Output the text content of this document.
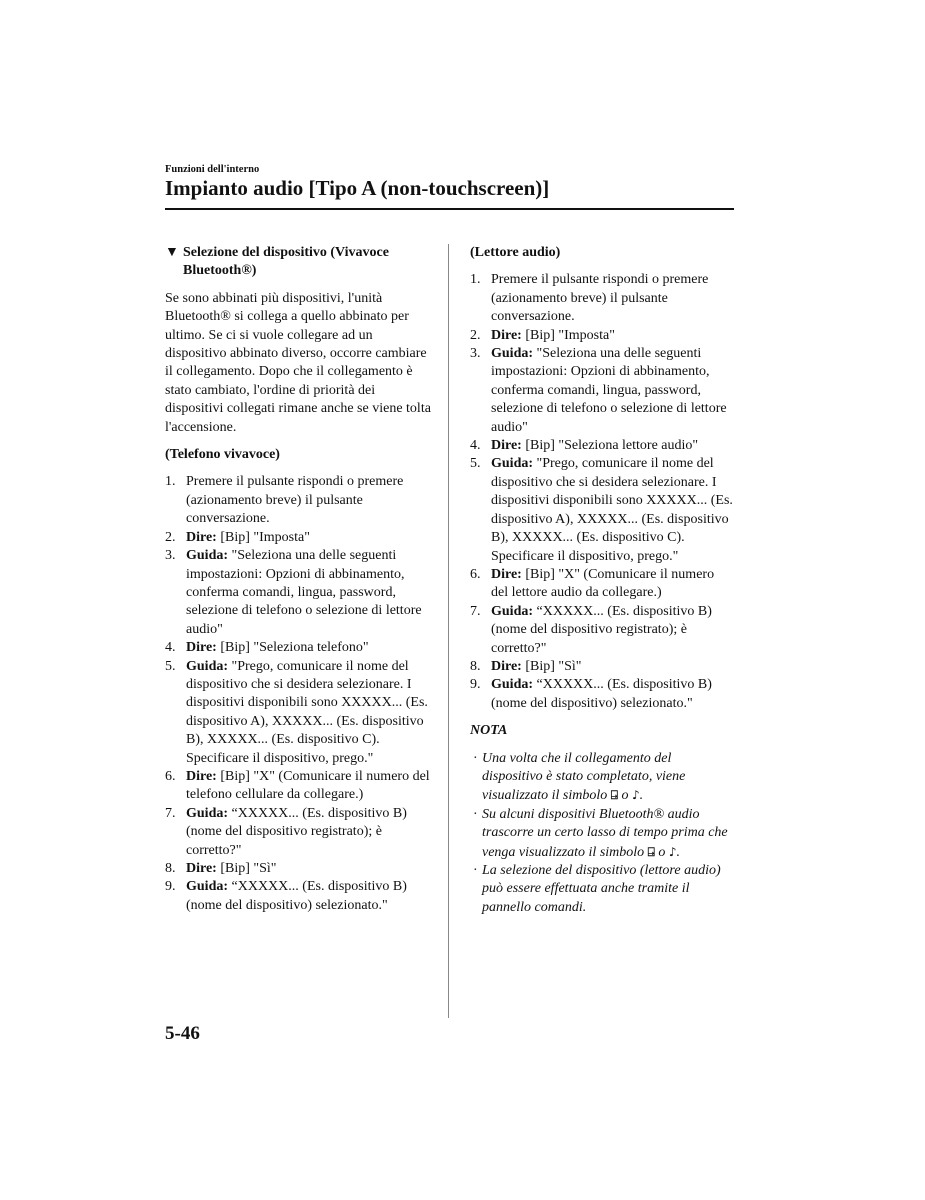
Funzioni dell'interno
Impianto audio [Tipo A (non-touchscreen)]
▼ Selezione del dispositivo (Vivavoce Bluetooth®)

Se sono abbinati più dispositivi, l'unità Bluetooth® si collega a quello abbinato per ultimo. Se ci si vuole collegare ad un dispositivo abbinato diverso, occorre cambiare il collegamento. Dopo che il collegamento è stato cambiato, l'ordine di priorità dei dispositivi collegati rimane anche se viene tolta l'accensione.

(Telefono vivavoce)
1. Premere il pulsante rispondi o premere (azionamento breve) il pulsante conversazione.
2. Dire: [Bip] "Imposta"
3. Guida: "Seleziona una delle seguenti impostazioni: Opzioni di abbinamento, conferma comandi, lingua, password, selezione di telefono o selezione di lettore audio"
4. Dire: [Bip] "Seleziona telefono"
5. Guida: "Prego, comunicare il nome del dispositivo che si desidera selezionare. I dispositivi disponibili sono XXXXX... (Es. dispositivo A), XXXXX... (Es. dispositivo B), XXXXX... (Es. dispositivo C). Specificare il dispositivo, prego."
6. Dire: [Bip] "X" (Comunicare il numero del telefono cellulare da collegare.)
7. Guida: “XXXXX... (Es. dispositivo B) (nome del dispositivo registrato); è corretto?"
8. Dire: [Bip] "Sì"
9. Guida: “XXXXX... (Es. dispositivo B) (nome del dispositivo) selezionato."
(Lettore audio)
1. Premere il pulsante rispondi o premere (azionamento breve) il pulsante conversazione.
2. Dire: [Bip] "Imposta"
3. Guida: "Seleziona una delle seguenti impostazioni: Opzioni di abbinamento, conferma comandi, lingua, password, selezione di telefono o selezione di lettore audio"
4. Dire: [Bip] "Seleziona lettore audio"
5. Guida: "Prego, comunicare il nome del dispositivo che si desidera selezionare. I dispositivi disponibili sono XXXXX... (Es. dispositivo A), XXXXX... (Es. dispositivo B), XXXXX... (Es. dispositivo C). Specificare il dispositivo, prego."
6. Dire: [Bip] "X" (Comunicare il numero del lettore audio da collegare.)
7. Guida: “XXXXX... (Es. dispositivo B) (nome del dispositivo registrato); è corretto?"
8. Dire: [Bip] "Sì"
9. Guida: “XXXXX... (Es. dispositivo B) (nome del dispositivo) selezionato."
NOTA
· Una volta che il collegamento del dispositivo è stato completato, viene visualizzato il simbolo ⍈ o ♪.
· Su alcuni dispositivi Bluetooth® audio trascorre un certo lasso di tempo prima che venga visualizzato il simbolo ⍈ o ♪.
· La selezione del dispositivo (lettore audio) può essere effettuata anche tramite il pannello comandi.
5-46
